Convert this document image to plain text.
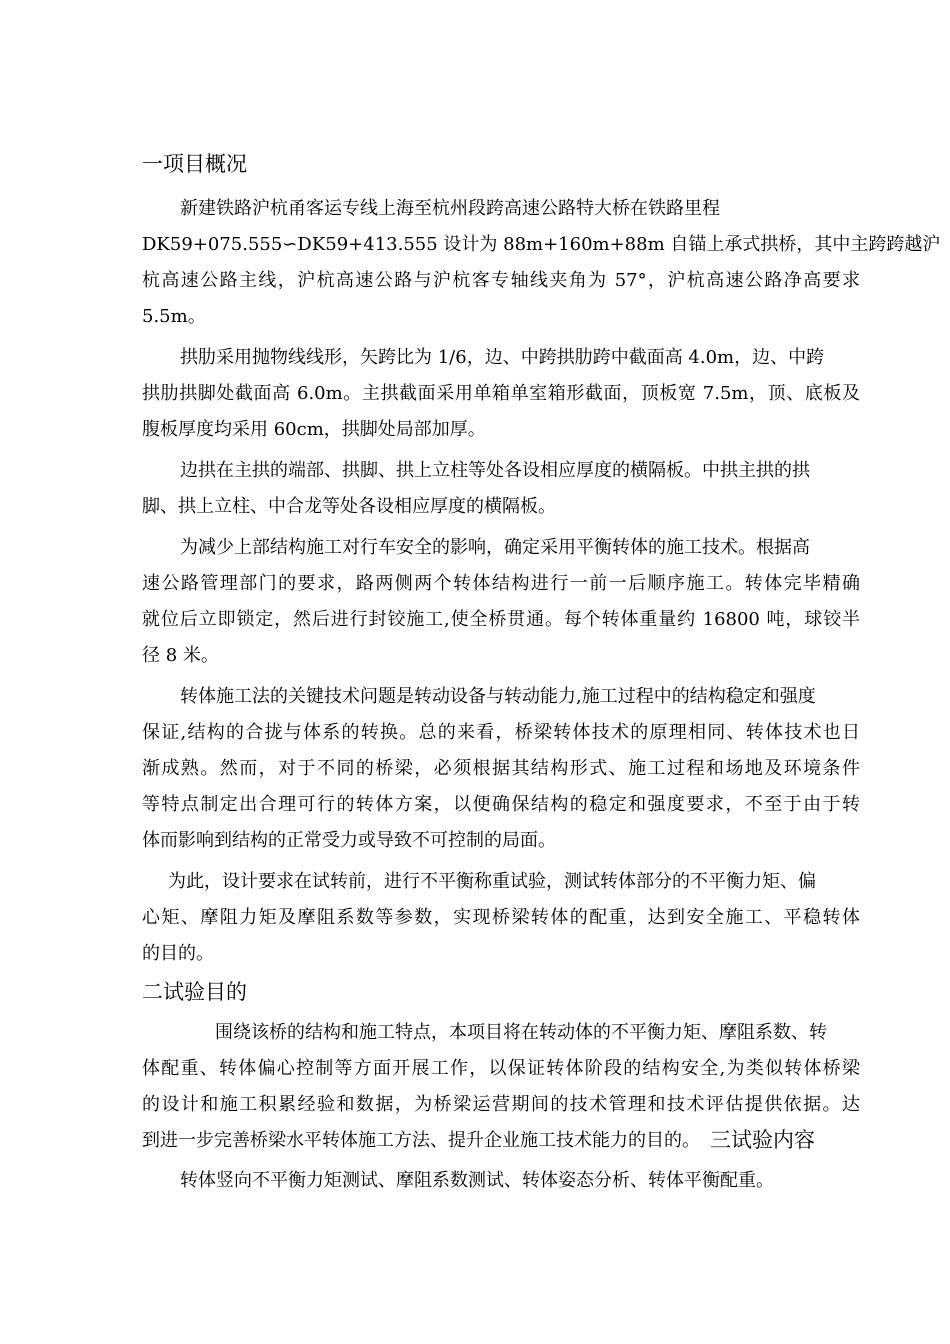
一项目概况
新建铁路沪杭甬客运专线上海至杭州段跨高速公路特大桥在铁路里程
DK59+075.555∽DK59+413.555 设计为 88m+160m+88m 自锚上承式拱桥，其中主跨跨越沪
杭高速公路主线，沪杭高速公路与沪杭客专轴线夹角为 57°，沪杭高速公路净高要求
5.5m。
拱肋采用抛物线线形，矢跨比为 1/6，边、中跨拱肋跨中截面高 4.0m，边、中跨
拱肋拱脚处截面高 6.0m。主拱截面采用单箱单室箱形截面，顶板宽 7.5m，顶、底板及
腹板厚度均采用 60cm，拱脚处局部加厚。
边拱在主拱的端部、拱脚、拱上立柱等处各设相应厚度的横隔板。中拱主拱的拱
脚、拱上立柱、中合龙等处各设相应厚度的横隔板。
为减少上部结构施工对行车安全的影响，确定采用平衡转体的施工技术。根据高
速公路管理部门的要求，路两侧两个转体结构进行一前一后顺序施工。转体完毕精确
就位后立即锁定，然后进行封铰施工,使全桥贯通。每个转体重量约 16800 吨，球铰半
径 8 米。
转体施工法的关键技术问题是转动设备与转动能力,施工过程中的结构稳定和强度
保证,结构的合拢与体系的转换。总的来看，桥梁转体技术的原理相同、转体技术也日
渐成熟。然而，对于不同的桥梁，必须根据其结构形式、施工过程和场地及环境条件
等特点制定出合理可行的转体方案，以便确保结构的稳定和强度要求，不至于由于转
体而影响到结构的正常受力或导致不可控制的局面。
为此，设计要求在试转前，进行不平衡称重试验，测试转体部分的不平衡力矩、偏
心矩、摩阻力矩及摩阻系数等参数，实现桥梁转体的配重，达到安全施工、平稳转体
的目的。
二试验目的
围绕该桥的结构和施工特点，本项目将在转动体的不平衡力矩、摩阻系数、转
体配重、转体偏心控制等方面开展工作，以保证转体阶段的结构安全,为类似转体桥梁
的设计和施工积累经验和数据，为桥梁运营期间的技术管理和技术评估提供依据。达
到进一步完善桥梁水平转体施工方法、提升企业施工技术能力的目的。 三试验内容
转体竖向不平衡力矩测试、摩阻系数测试、转体姿态分析、转体平衡配重。
